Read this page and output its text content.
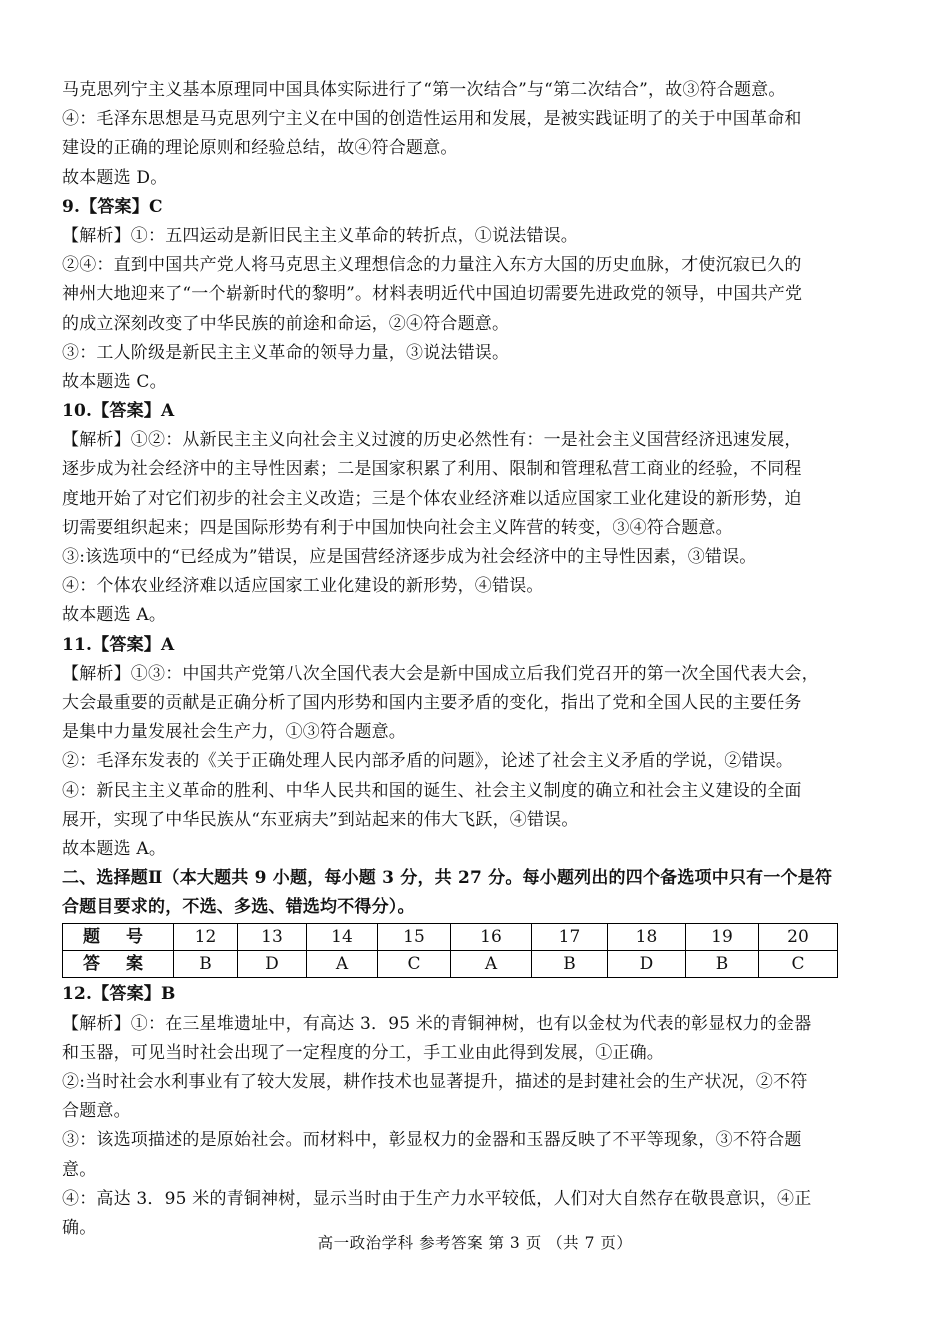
马克思列宁主义基本原理同中国具体实际进行了“第一次结合”与“第二次结合”，故③符合题意。
④：毛泽东思想是马克思列宁主义在中国的创造性运用和发展，是被实践证明了的关于中国革命和
建设的正确的理论原则和经验总结，故④符合题意。
故本题选 D。
9.【答案】C
【解析】①：五四运动是新旧民主主义革命的转折点，①说法错误。
②④：直到中国共产党人将马克思主义理想信念的力量注入东方大国的历史血脉，才使沉寂已久的
神州大地迎来了“一个崭新时代的黎明”。材料表明近代中国迫切需要先进政党的领导，中国共产党
的成立深刻改变了中华民族的前途和命运，②④符合题意。
③：工人阶级是新民主主义革命的领导力量，③说法错误。
故本题选 C。
10.【答案】A
【解析】①②：从新民主主义向社会主义过渡的历史必然性有：一是社会主义国营经济迅速发展，
逐步成为社会经济中的主导性因素；二是国家积累了利用、限制和管理私营工商业的经验，不同程
度地开始了对它们初步的社会主义改造；三是个体农业经济难以适应国家工业化建设的新形势，迫
切需要组织起来；四是国际形势有利于中国加快向社会主义阵营的转变，③④符合题意。
③:该选项中的“已经成为”错误，应是国营经济逐步成为社会经济中的主导性因素，③错误。
④：个体农业经济难以适应国家工业化建设的新形势，④错误。
故本题选 A。
11.【答案】A
【解析】①③：中国共产党第八次全国代表大会是新中国成立后我们党召开的第一次全国代表大会，
大会最重要的贡献是正确分析了国内形势和国内主要矛盾的变化，指出了党和全国人民的主要任务
是集中力量发展社会生产力，①③符合题意。
②：毛泽东发表的《关于正确处理人民内部矛盾的问题》，论述了社会主义矛盾的学说，②错误。
④：新民主主义革命的胜利、中华人民共和国的诞生、社会主义制度的确立和社会主义建设的全面
展开，实现了中华民族从“东亚病夫”到站起来的伟大飞跃，④错误。
故本题选 A。
二、选择题Ⅱ（本大题共 9 小题，每小题 3 分，共 27 分。每小题列出的四个备选项中只有一个是符
合题目要求的，不选、多选、错选均不得分）。
题 号	12	13	14	15	16	17	18	19	20
答 案	B	D	A	C	A	B	D	B	C
12.【答案】B
【解析】①：在三星堆遗址中，有高达 3．95 米的青铜神树，也有以金杖为代表的彰显权力的金器
和玉器，可见当时社会出现了一定程度的分工，手工业由此得到发展，①正确。
②:当时社会水利事业有了较大发展，耕作技术也显著提升，描述的是封建社会的生产状况，②不符
合题意。
③：该选项描述的是原始社会。而材料中，彰显权力的金器和玉器反映了不平等现象，③不符合题
意。
④：高达 3．95 米的青铜神树，显示当时由于生产力水平较低，人们对大自然存在敬畏意识，④正
确。
高一政治学科 参考答案 第 3 页 （共 7 页）
